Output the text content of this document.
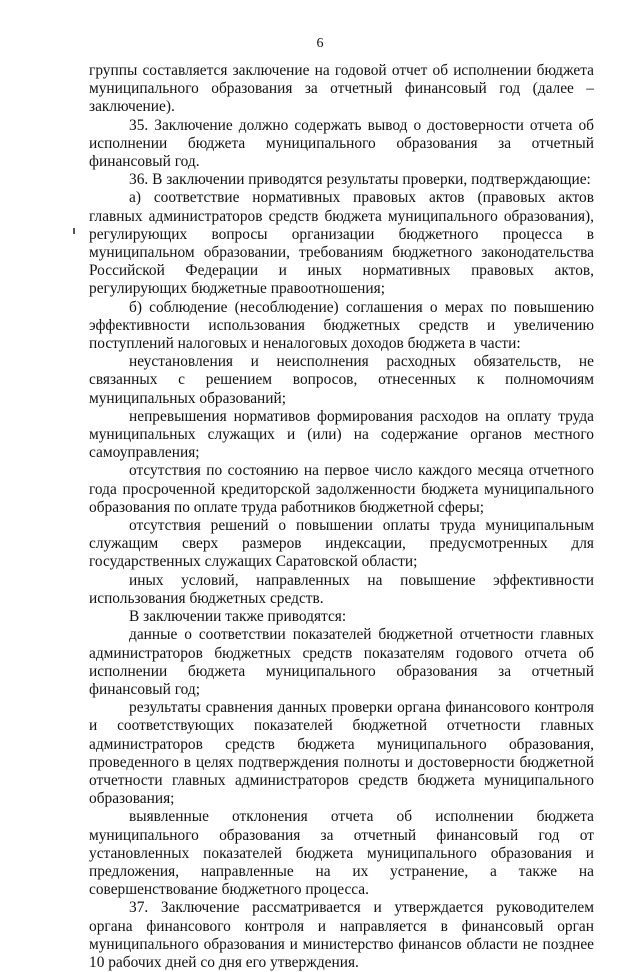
6

группы составляется заключение на годовой отчет об исполнении бюджета муниципального образования за отчетный финансовый год (далее – заключение).

35. Заключение должно содержать вывод о достоверности отчета об исполнении бюджета муниципального образования за отчетный финансовый год.

36. В заключении приводятся результаты проверки, подтверждающие:

а) соответствие нормативных правовых актов (правовых актов главных администраторов средств бюджета муниципального образования), регулирующих вопросы организации бюджетного процесса в муниципальном образовании, требованиям бюджетного законодательства Российской Федерации и иных нормативных правовых актов, регулирующих бюджетные правоотношения;

б) соблюдение (несоблюдение) соглашения о мерах по повышению эффективности использования бюджетных средств и увеличению поступлений налоговых и неналоговых доходов бюджета в части:

неустановления и неисполнения расходных обязательств, не связанных с решением вопросов, отнесенных к полномочиям муниципальных образований;

непревышения нормативов формирования расходов на оплату труда муниципальных служащих и (или) на содержание органов местного самоуправления;

отсутствия по состоянию на первое число каждого месяца отчетного года просроченной кредиторской задолженности бюджета муниципального образования по оплате труда работников бюджетной сферы;

отсутствия решений о повышении оплаты труда муниципальным служащим сверх размеров индексации, предусмотренных для государственных служащих Саратовской области;

иных условий, направленных на повышение эффективности использования бюджетных средств.

В заключении также приводятся:

данные о соответствии показателей бюджетной отчетности главных администраторов бюджетных средств показателям годового отчета об исполнении бюджета муниципального образования за отчетный финансовый год;

результаты сравнения данных проверки органа финансового контроля и соответствующих показателей бюджетной отчетности главных администраторов средств бюджета муниципального образования, проведенного в целях подтверждения полноты и достоверности бюджетной отчетности главных администраторов средств бюджета муниципального образования;

выявленные отклонения отчета об исполнении бюджета муниципального образования за отчетный финансовый год от установленных показателей бюджета муниципального образования и предложения, направленные на их устранение, а также на совершенствование бюджетного процесса.

37. Заключение рассматривается и утверждается руководителем органа финансового контроля и направляется в финансовый орган муниципального образования и министерство финансов области не позднее 10 рабочих дней со дня его утверждения.
